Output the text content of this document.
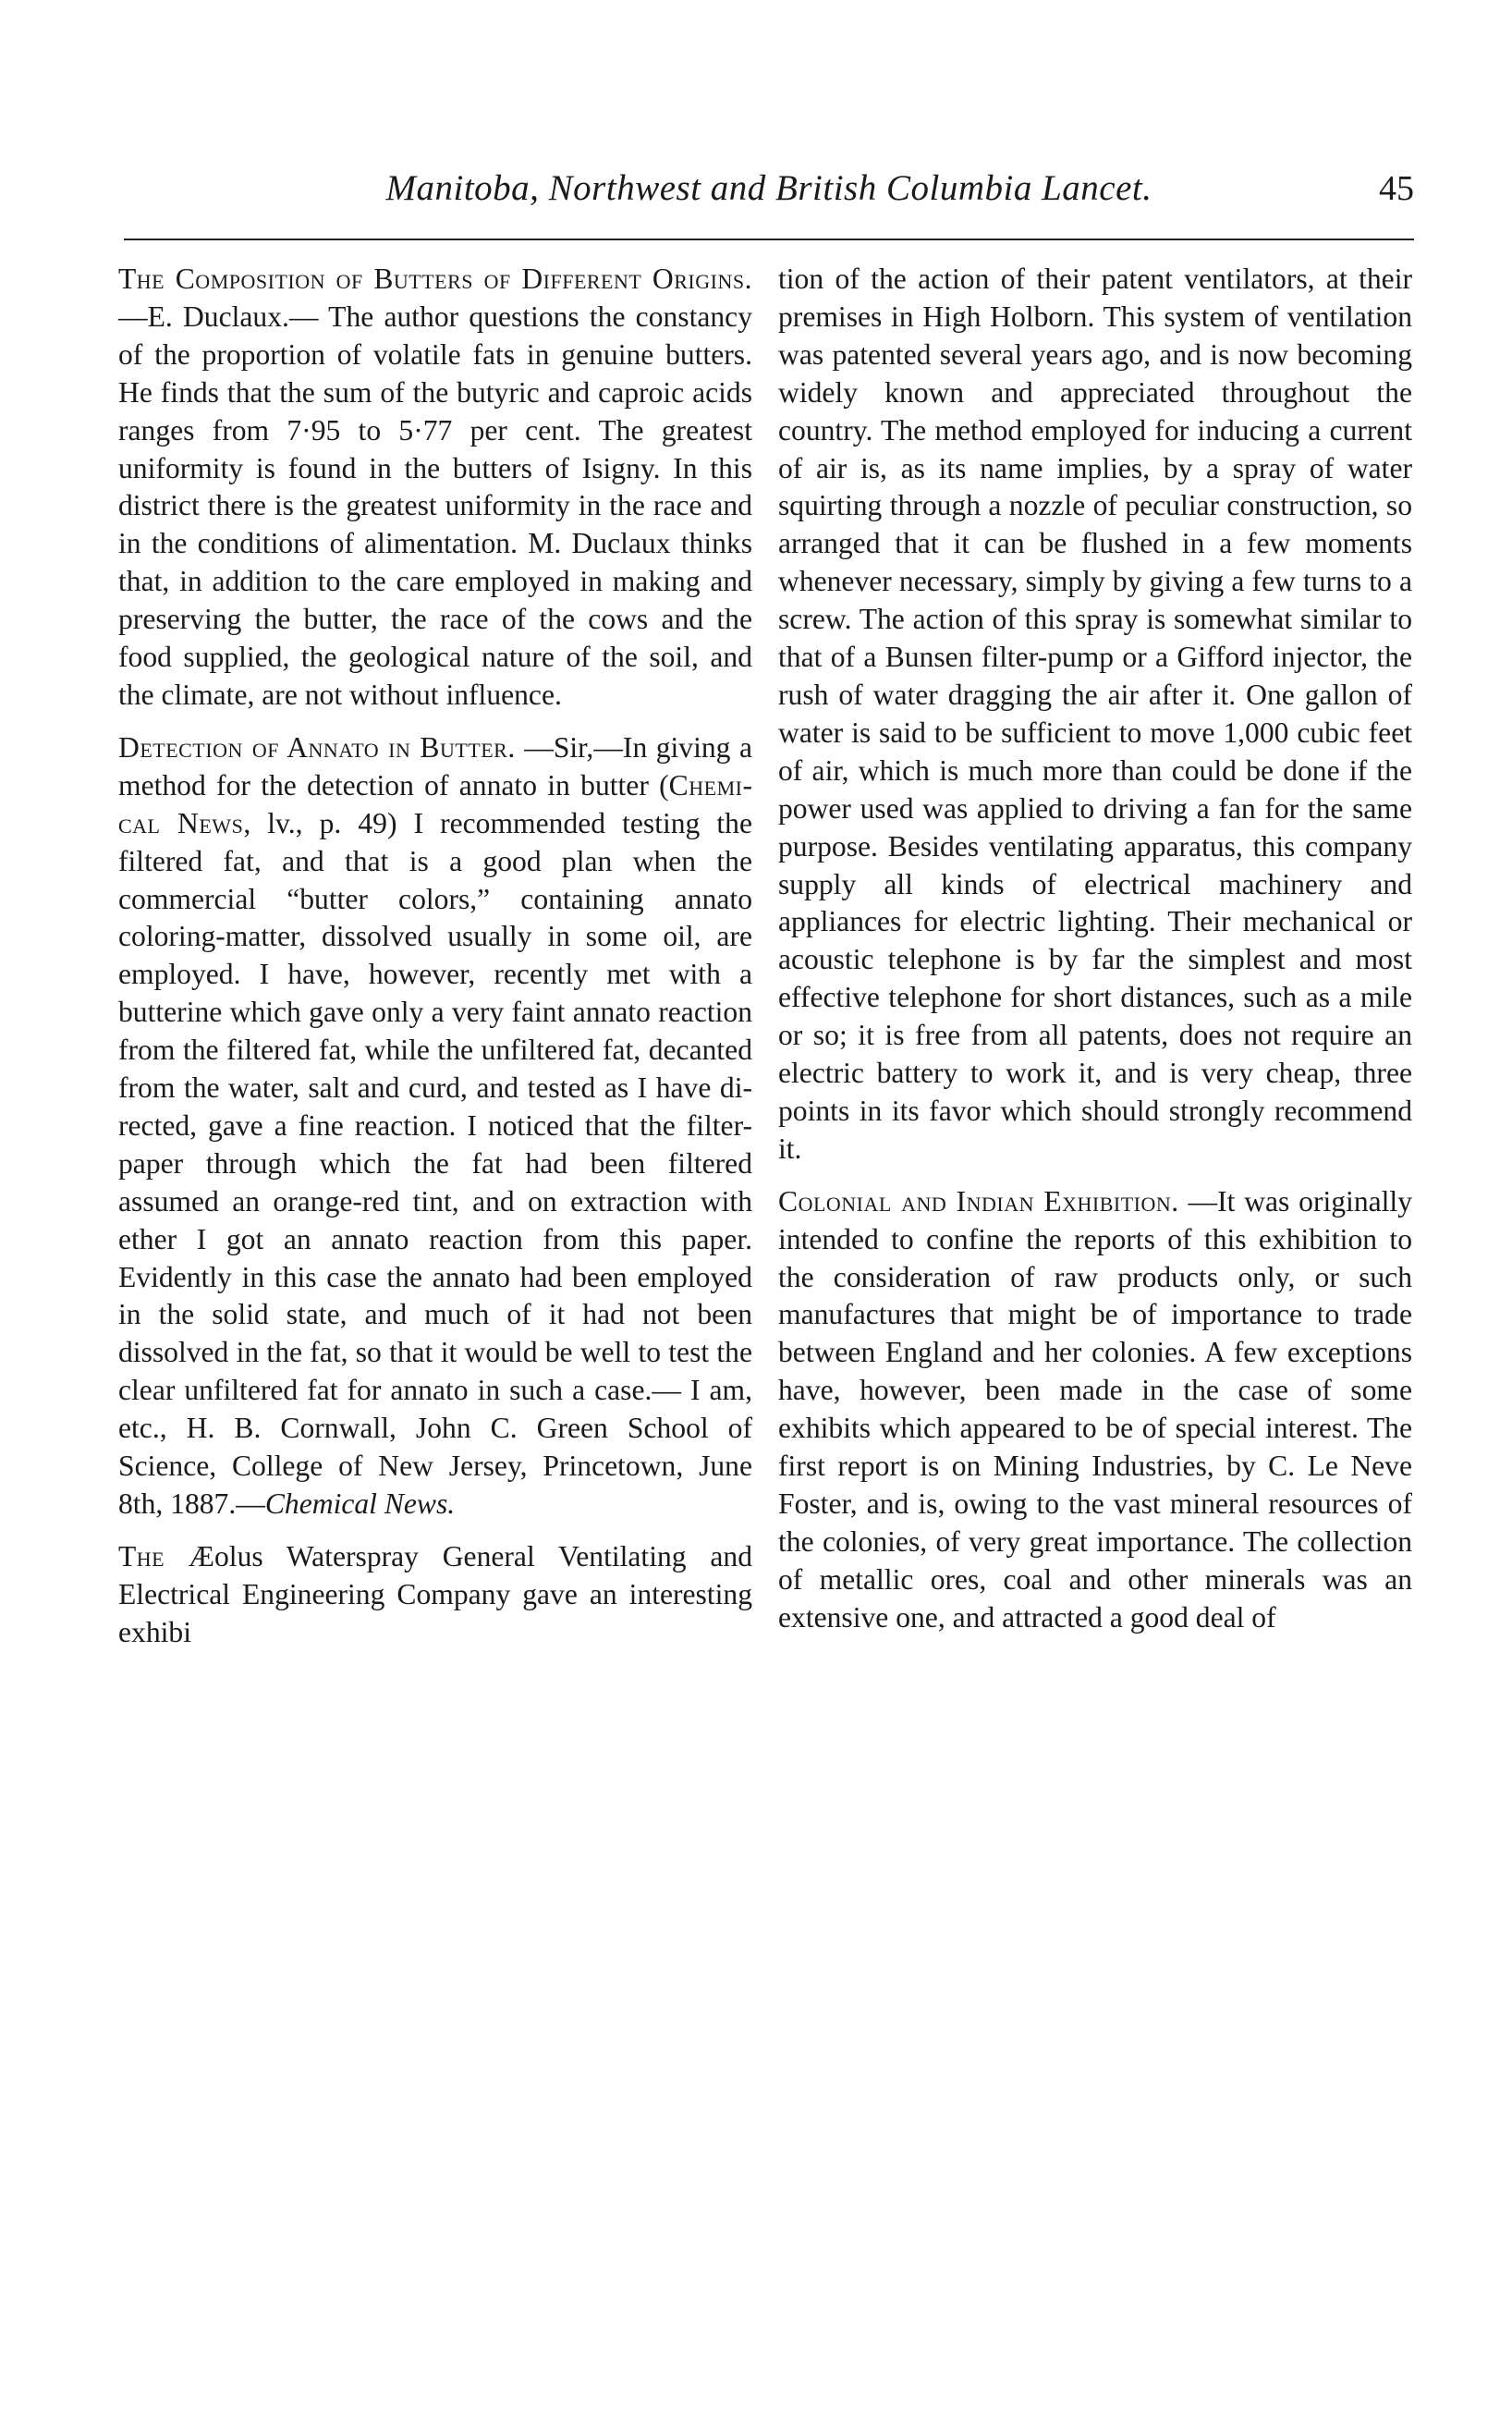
Manitoba, Northwest and British Columbia Lancet.	45

The Composition of Butters of Different Origins.—E. Duclaux.— The author questions the constancy of the proportion of volatile fats in genuine butters. He finds that the sum of the butyric and caproic acids ranges from 7·95 to 5·77 per cent. The greatest uniformity is found in the butters of Isigny. In this district there is the greatest uniformity in the race and in the conditions of alimentation. M. Duclaux thinks that, in addition to the care employed in making and preserving the butter, the race of the cows and the food supplied, the geological nature of the soil, and the climate, are not without influence.

Detection of Annato in Butter. —Sir,—In giving a method for the detection of annato in butter (Chemical News, lv., p. 49) I recommended testing the filtered fat, and that is a good plan when the commercial “butter colors,” containing annato coloring-matter, dissolved usually in some oil, are employed. I have, however, recently met with a butterine which gave only a very faint annato reaction from the filtered fat, while the unfiltered fat, decanted from the water, salt and curd, and tested as I have directed, gave a fine reaction. I noticed that the filter-paper through which the fat had been filtered assumed an orange-red tint, and on extraction with ether I got an annato reaction from this paper. Evidently in this case the annato had been employed in the solid state, and much of it had not been dissolved in the fat, so that it would be well to test the clear unfiltered fat for annato in such a case.— I am, etc., H. B. Cornwall, John C. Green School of Science, College of New Jersey, Princetown, June 8th, 1887.—Chemical News.

The Æolus Waterspray General Ventilating and Electrical Engineering Company gave an interesting exhibi

tion of the action of their patent ventilators, at their premises in High Holborn. This system of ventilation was patented several years ago, and is now becoming widely known and appreciated throughout the country. The method employed for inducing a current of air is, as its name implies, by a spray of water squirting through a nozzle of peculiar construction, so arranged that it can be flushed in a few moments whenever necessary, simply by giving a few turns to a screw. The action of this spray is somewhat similar to that of a Bunsen filter-pump or a Gifford injector, the rush of water dragging the air after it. One gallon of water is said to be sufficient to move 1,000 cubic feet of air, which is much more than could be done if the power used was applied to driving a fan for the same purpose. Besides ventilating apparatus, this company supply all kinds of electrical machinery and appliances for electric lighting. Their mechanical or acoustic telephone is by far the simplest and most effective telephone for short distances, such as a mile or so; it is free from all patents, does not require an electric battery to work it, and is very cheap, three points in its favor which should strongly recommend it.

Colonial and Indian Exhibition. —It was originally intended to confine the reports of this exhibition to the consideration of raw products only, or such manufactures that might be of importance to trade between England and her colonies. A few exceptions have, however, been made in the case of some exhibits which appeared to be of special interest. The first report is on Mining Industries, by C. Le Neve Foster, and is, owing to the vast mineral resources of the colonies, of very great importance. The collection of metallic ores, coal and other minerals was an extensive one, and attracted a good deal of
